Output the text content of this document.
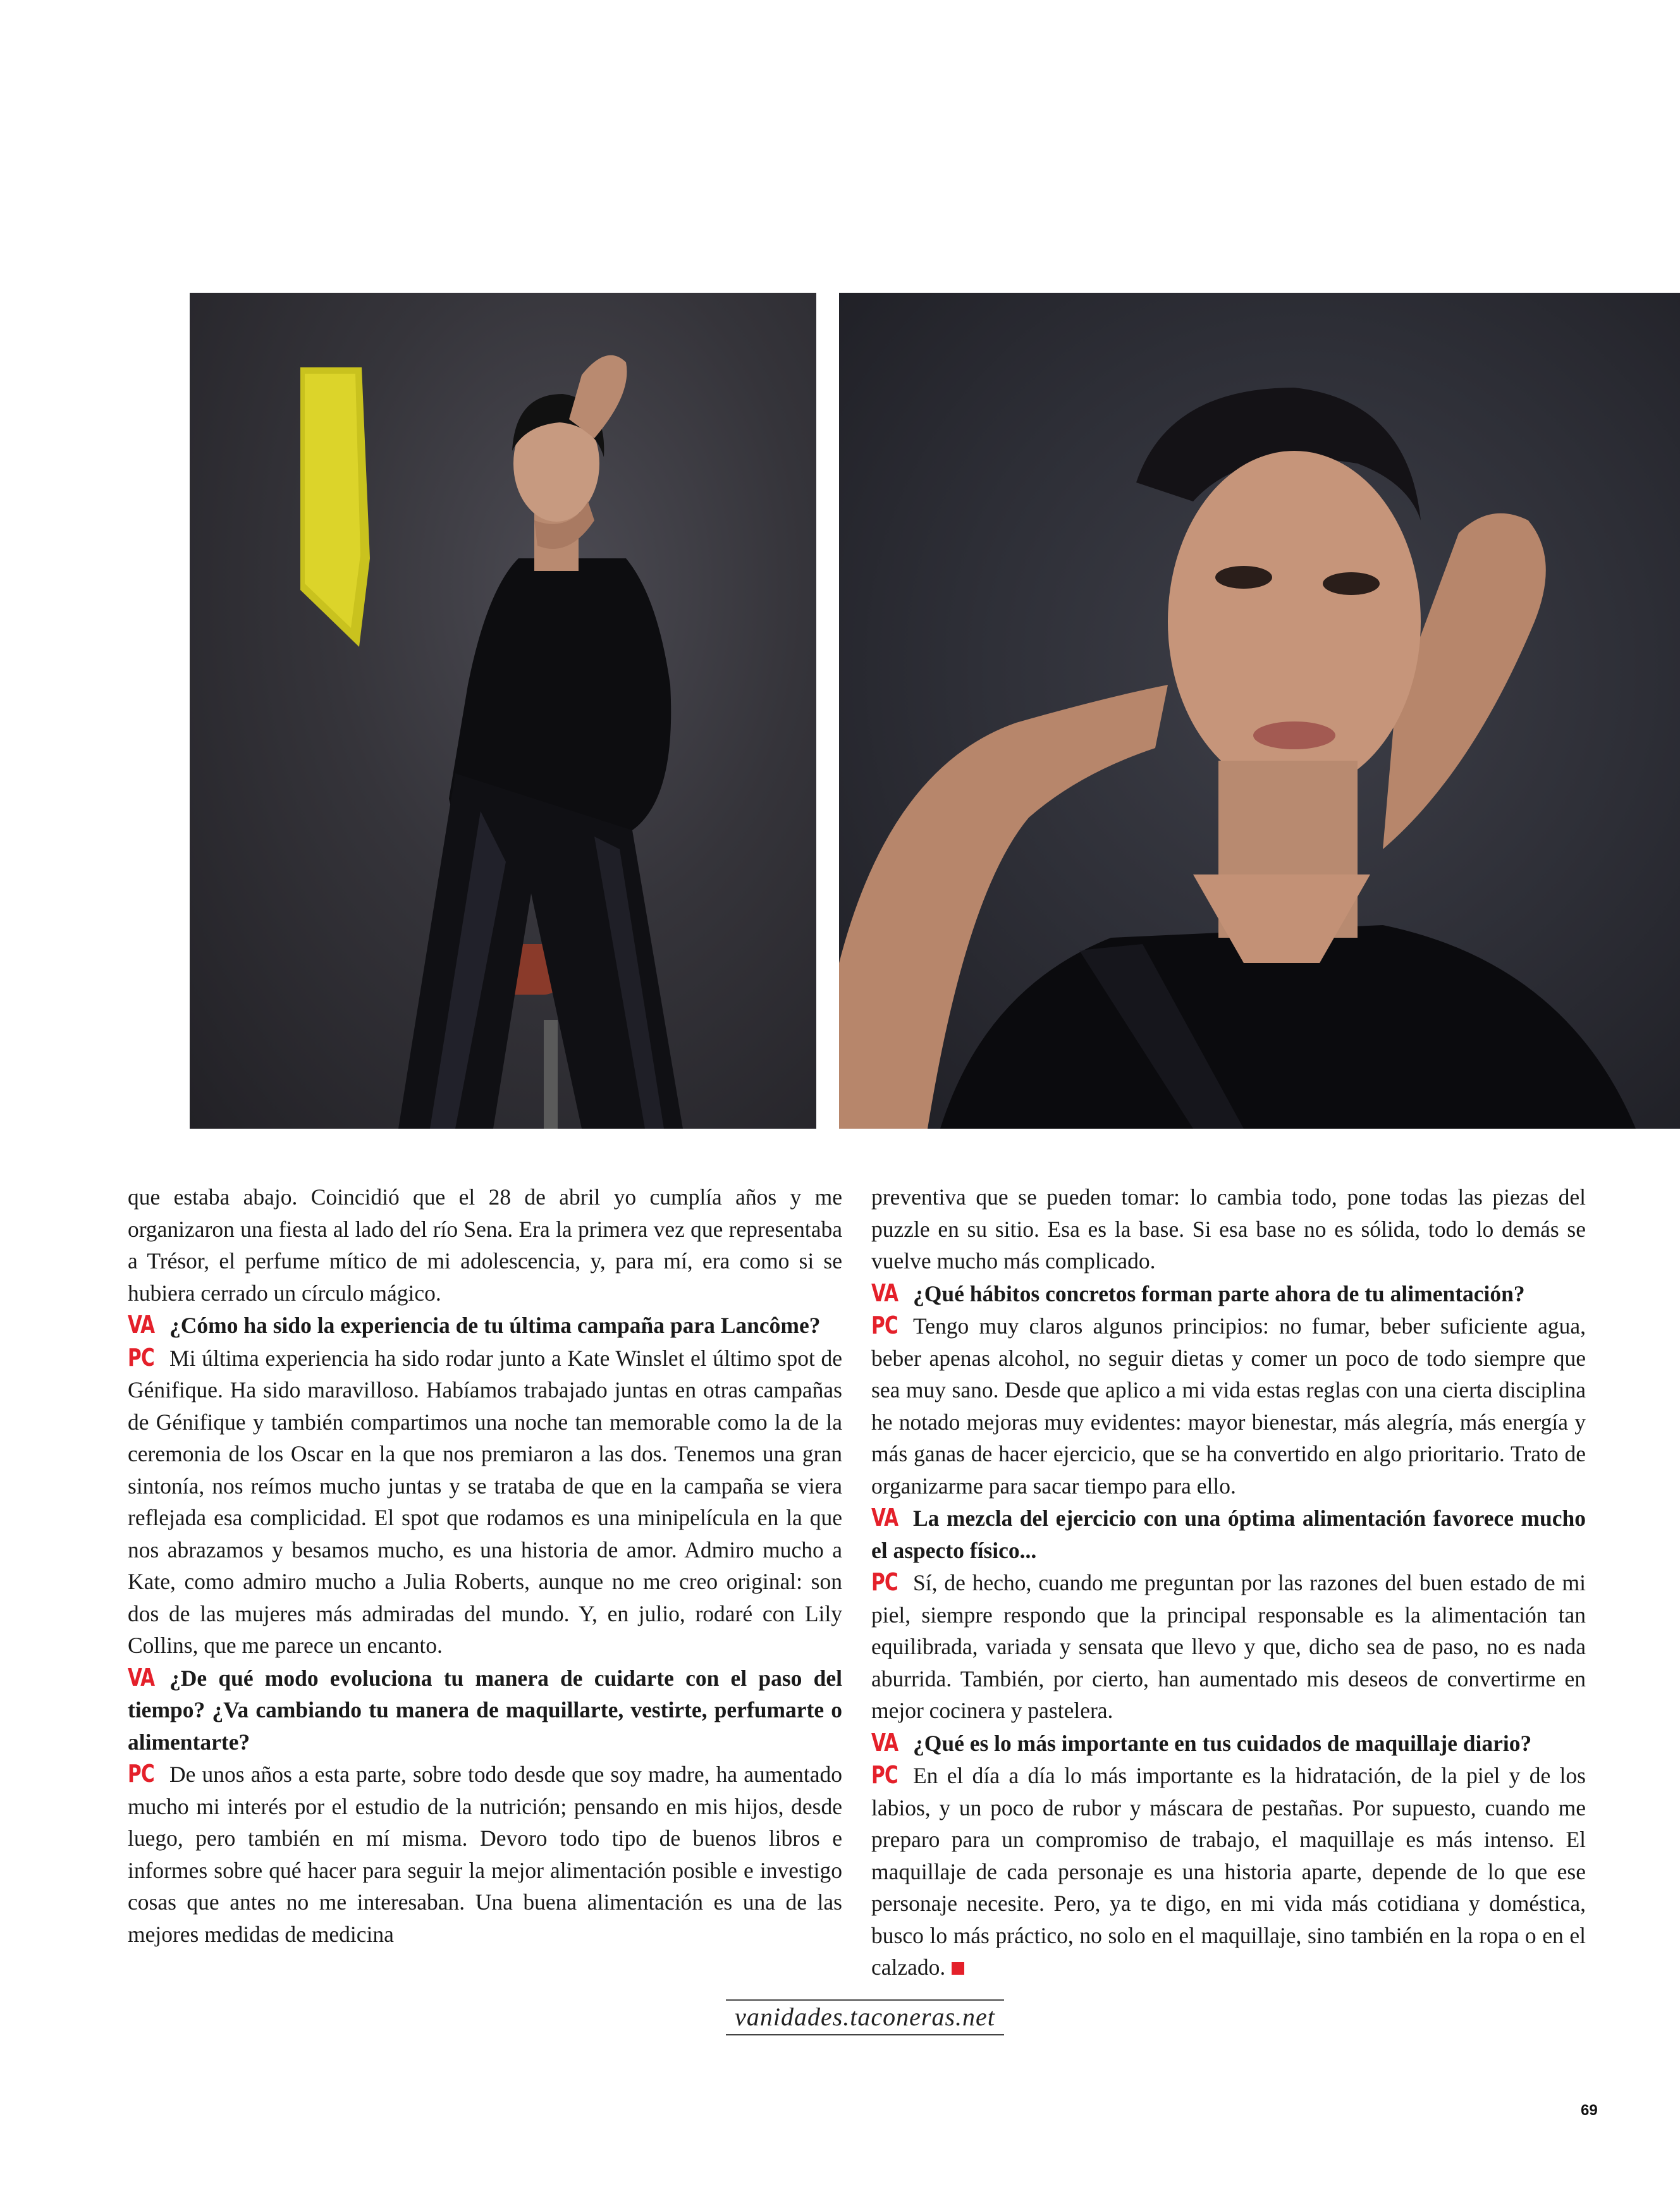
que estaba abajo. Coincidió que el 28 de abril yo cumplía años y me organizaron una fiesta al lado del río Sena. Era la primera vez que representaba a Trésor, el perfume mítico de mi adolescencia, y, para mí, era como si se hubiera cerrado un círculo mágico.

VA ¿Cómo ha sido la experiencia de tu última campaña para Lancôme?

PC Mi última experiencia ha sido rodar junto a Kate Winslet el último spot de Génifique. Ha sido maravilloso. Habíamos trabajado juntas en otras campañas de Génifique y también compartimos una noche tan memorable como la de la ceremonia de los Oscar en la que nos premiaron a las dos. Tenemos una gran sintonía, nos reímos mucho juntas y se trataba de que en la campaña se viera reflejada esa complicidad. El spot que rodamos es una minipelícula en la que nos abrazamos y besamos mucho, es una historia de amor. Admiro mucho a Kate, como admiro mucho a Julia Roberts, aunque no me creo original: son dos de las mujeres más admiradas del mundo. Y, en julio, rodaré con Lily Collins, que me parece un encanto.

VA ¿De qué modo evoluciona tu manera de cuidarte con el paso del tiempo? ¿Va cambiando tu manera de maquillarte, vestirte, perfumarte o alimentarte?

PC De unos años a esta parte, sobre todo desde que soy madre, ha aumentado mucho mi interés por el estudio de la nutrición; pensando en mis hijos, desde luego, pero también en mí misma. Devoro todo tipo de buenos libros e informes sobre qué hacer para seguir la mejor alimentación posible e investigo cosas que antes no me interesaban. Una buena alimentación es una de las mejores medidas de medicina

preventiva que se pueden tomar: lo cambia todo, pone todas las piezas del puzzle en su sitio. Esa es la base. Si esa base no es sólida, todo lo demás se vuelve mucho más complicado.

VA ¿Qué hábitos concretos forman parte ahora de tu alimentación?

PC Tengo muy claros algunos principios: no fumar, beber suficiente agua, beber apenas alcohol, no seguir dietas y comer un poco de todo siempre que sea muy sano. Desde que aplico a mi vida estas reglas con una cierta disciplina he notado mejoras muy evidentes: mayor bienestar, más alegría, más energía y más ganas de hacer ejercicio, que se ha convertido en algo prioritario. Trato de organizarme para sacar tiempo para ello.

VA La mezcla del ejercicio con una óptima alimentación favorece mucho el aspecto físico...

PC Sí, de hecho, cuando me preguntan por las razones del buen estado de mi piel, siempre respondo que la principal responsable es la alimentación tan equilibrada, variada y sensata que llevo y que, dicho sea de paso, no es nada aburrida. También, por cierto, han aumentado mis deseos de convertirme en mejor cocinera y pastelera.

VA ¿Qué es lo más importante en tus cuidados de maquillaje diario?

PC En el día a día lo más importante es la hidratación, de la piel y de los labios, y un poco de rubor y máscara de pestañas. Por supuesto, cuando me preparo para un compromiso de trabajo, el maquillaje es más intenso. El maquillaje de cada personaje es una historia aparte, depende de lo que ese personaje necesite. Pero, ya te digo, en mi vida más cotidiana y doméstica, busco lo más práctico, no solo en el maquillaje, sino también en la ropa o en el calzado.

vanidades.taconeras.net
69
